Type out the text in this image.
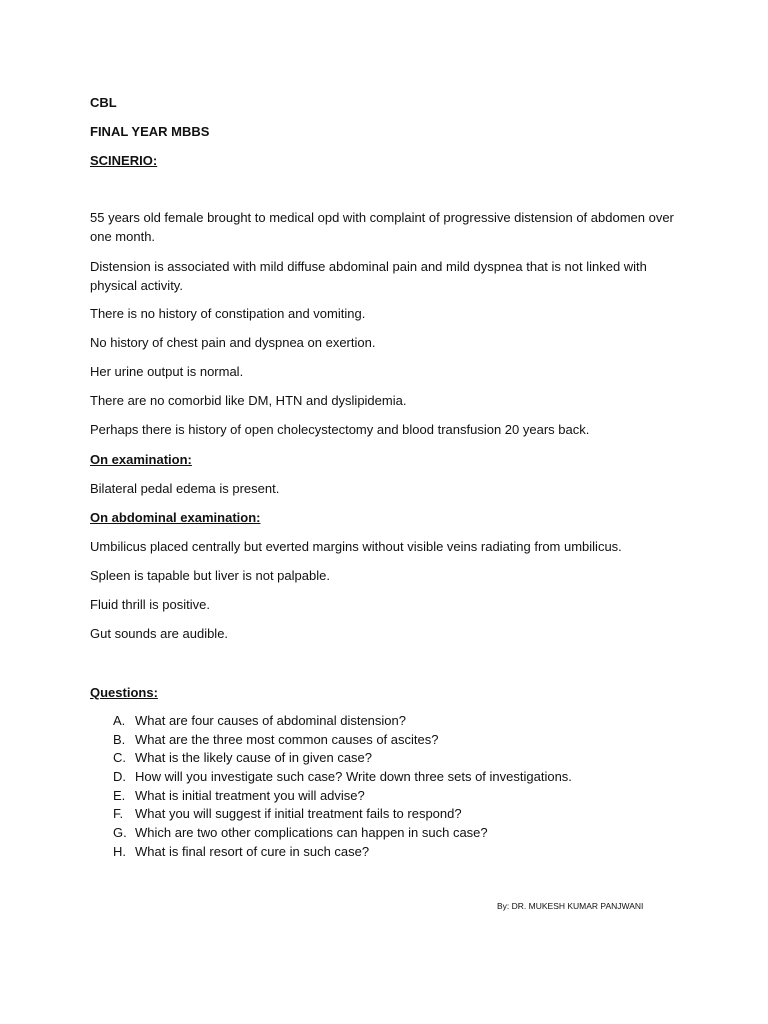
CBL

FINAL YEAR MBBS

SCINERIO:

55 years old female brought to medical opd with complaint of progressive distension of abdomen over one month.

Distension is associated with mild diffuse abdominal pain and mild dyspnea that is not linked with physical activity.

There is no history of constipation and vomiting.

No history of chest pain and dyspnea on exertion.

Her urine output is normal.

There are no comorbid like DM, HTN and dyslipidemia.

Perhaps there is history of open cholecystectomy and blood transfusion 20 years back.

On examination:

Bilateral pedal edema is present.

On abdominal examination:

Umbilicus placed centrally but everted margins without visible veins radiating from umbilicus.

Spleen is tapable but liver is not palpable.

Fluid thrill is positive.

Gut sounds are audible.

Questions:

A. What are four causes of abdominal distension?
B. What are the three most common causes of ascites?
C. What is the likely cause of in given case?
D. How will you investigate such case? Write down three sets of investigations.
E. What is initial treatment you will advise?
F. What you will suggest if initial treatment fails to respond?
G. Which are two other complications can happen in such case?
H. What is final resort of cure in such case?
By: DR. MUKESH KUMAR PANJWANI
